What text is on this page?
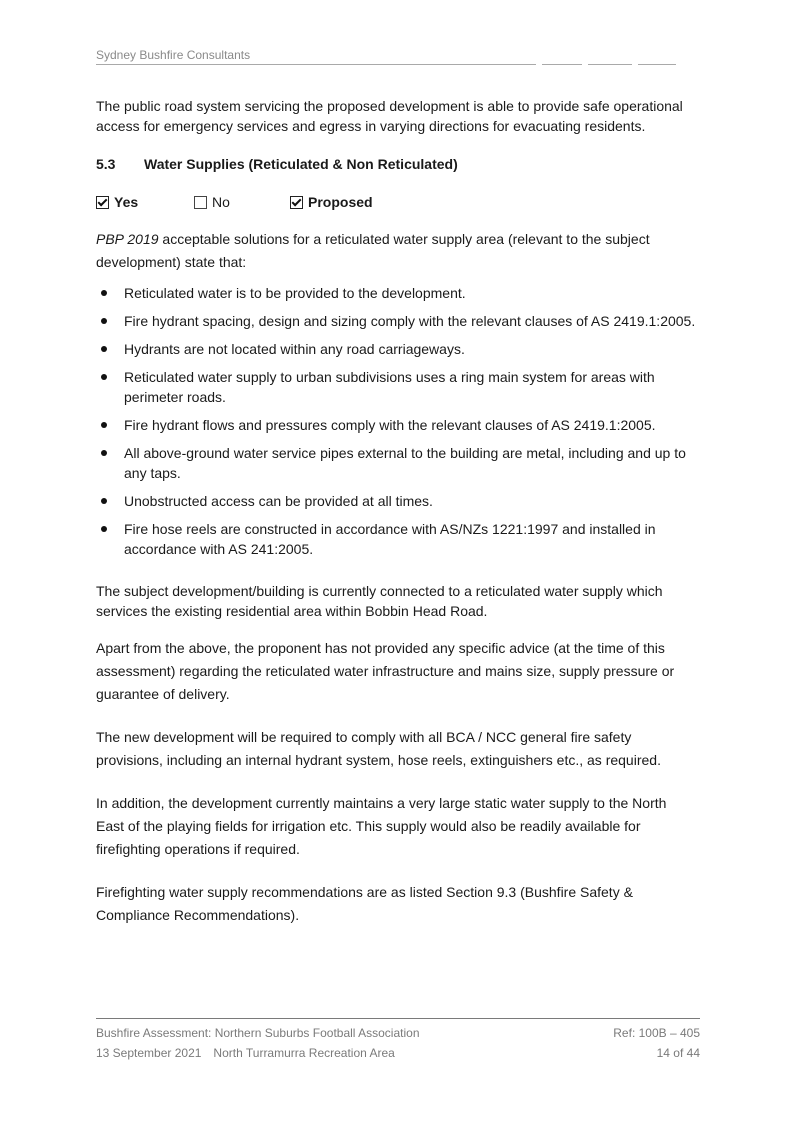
Sydney Bushfire Consultants

The public road system servicing the proposed development is able to provide safe operational access for emergency services and egress in varying directions for evacuating residents.

5.3	Water Supplies (Reticulated & Non Reticulated)
Yes	No	Proposed

PBP 2019 acceptable solutions for a reticulated water supply area (relevant to the subject development) state that:

Reticulated water is to be provided to the development.
Fire hydrant spacing, design and sizing comply with the relevant clauses of AS 2419.1:2005.
Hydrants are not located within any road carriageways.
Reticulated water supply to urban subdivisions uses a ring main system for areas with perimeter roads.
Fire hydrant flows and pressures comply with the relevant clauses of AS 2419.1:2005.
All above-ground water service pipes external to the building are metal, including and up to any taps.
Unobstructed access can be provided at all times.
Fire hose reels are constructed in accordance with AS/NZs 1221:1997 and installed in accordance with AS 241:2005.

The subject development/building is currently connected to a reticulated water supply which services the existing residential area within Bobbin Head Road.

Apart from the above, the proponent has not provided any specific advice (at the time of this assessment) regarding the reticulated water infrastructure and mains size, supply pressure or guarantee of delivery.

The new development will be required to comply with all BCA / NCC general fire safety provisions, including an internal hydrant system, hose reels, extinguishers etc., as required.

In addition, the development currently maintains a very large static water supply to the North East of the playing fields for irrigation etc. This supply would also be readily available for firefighting operations if required.

Firefighting water supply recommendations are as listed Section 9.3 (Bushfire Safety & Compliance Recommendations).

Bushfire Assessment: Northern Suburbs Football Association	Ref: 100B – 405
13 September 2021 North Turramurra Recreation Area	14 of 44
